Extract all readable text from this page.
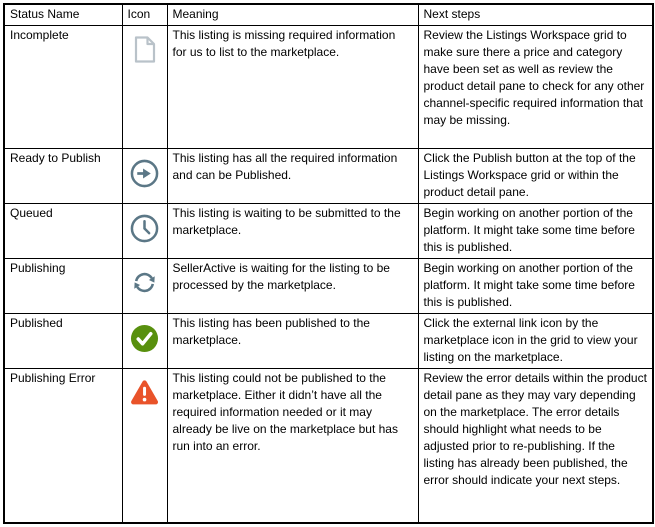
Status Name	Icon	Meaning	Next steps
Incomplete		This listing is missing required information for us to list to the marketplace.	Review the Listings Workspace grid to make sure there a price and category have been set as well as review the product detail pane to check for any other channel-specific required information that may be missing.
Ready to Publish		This listing has all the required information and can be Published.	Click the Publish button at the top of the Listings Workspace grid or within the product detail pane.
Queued		This listing is waiting to be submitted to the marketplace.	Begin working on another portion of the platform. It might take some time before this is published.
Publishing		SellerActive is waiting for the listing to be processed by the marketplace.	Begin working on another portion of the platform. It might take some time before this is published.
Published		This listing has been published to the marketplace.	Click the external link icon by the marketplace icon in the grid to view your listing on the marketplace.
Publishing Error		This listing could not be published to the marketplace. Either it didn’t have all the required information needed or it may already be live on the marketplace but has run into an error.	Review the error details within the product detail pane as they may vary depending on the marketplace. The error details should highlight what needs to be adjusted prior to re-publishing. If the listing has already been published, the error should indicate your next steps.
